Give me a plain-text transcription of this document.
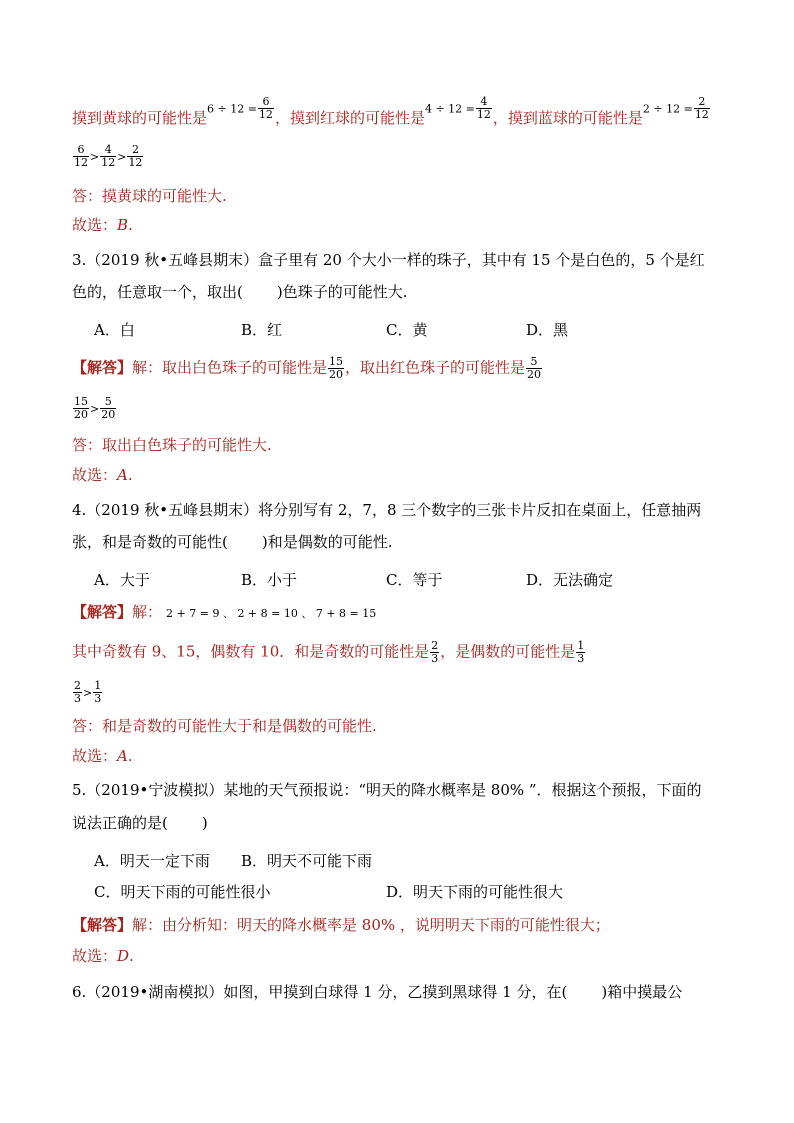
摸到黄球的可能性是$6 \div 12 = \frac{6}{12}$ ，摸到红球的可能性是$4 \div 12 = \frac{4}{12}$ ，摸到蓝球的可能性是$2 \div 12 = \frac{2}{12}$
$\frac{6}{12} > \frac{4}{12} > \frac{2}{12}$
答：摸黄球的可能性大.
故选：B.
3.（2019 秋•五峰县期末）盒子里有 20 个大小一样的珠子，其中有 15 个是白色的，5 个是红
色的，任意取一个，取出( )色珠子的可能性大.
A．白	B．红	C．黄	D．黑
【解答】解：取出白色珠子的可能性是 $\frac{15}{20}$ ，取出红色珠子的可能性是 $\frac{5}{20}$
$\frac{15}{20} > \frac{5}{20}$
答：取出白色珠子的可能性大.
故选：A.
4.（2019 秋•五峰县期末）将分别写有 2，7，8 三个数字的三张卡片反扣在桌面上，任意抽两
张，和是奇数的可能性( )和是偶数的可能性.
A．大于	B．小于	C．等于	D．无法确定
【解答】解： 2 + 7 = 9 、 2 + 8 = 10 、 7 + 8 = 15
其中奇数有 9、15，偶数有 10．和是奇数的可能性是 $\frac{2}{3}$ ，是偶数的可能性是 $\frac{1}{3}$
$\frac{2}{3} > \frac{1}{3}$
答：和是奇数的可能性大于和是偶数的可能性.
故选：A.
5.（2019•宁波模拟）某地的天气预报说：“明天的降水概率是 80% ”．根据这个预报，下面的
说法正确的是( )
A．明天一定下雨 B．明天不可能下雨
C．明天下雨的可能性很小	D．明天下雨的可能性很大
【解答】解：由分析知：明天的降水概率是 80% ，说明明天下雨的可能性很大；
故选：D.
6.（2019•湖南模拟）如图，甲摸到白球得 1 分，乙摸到黑球得 1 分，在( )箱中摸最公
